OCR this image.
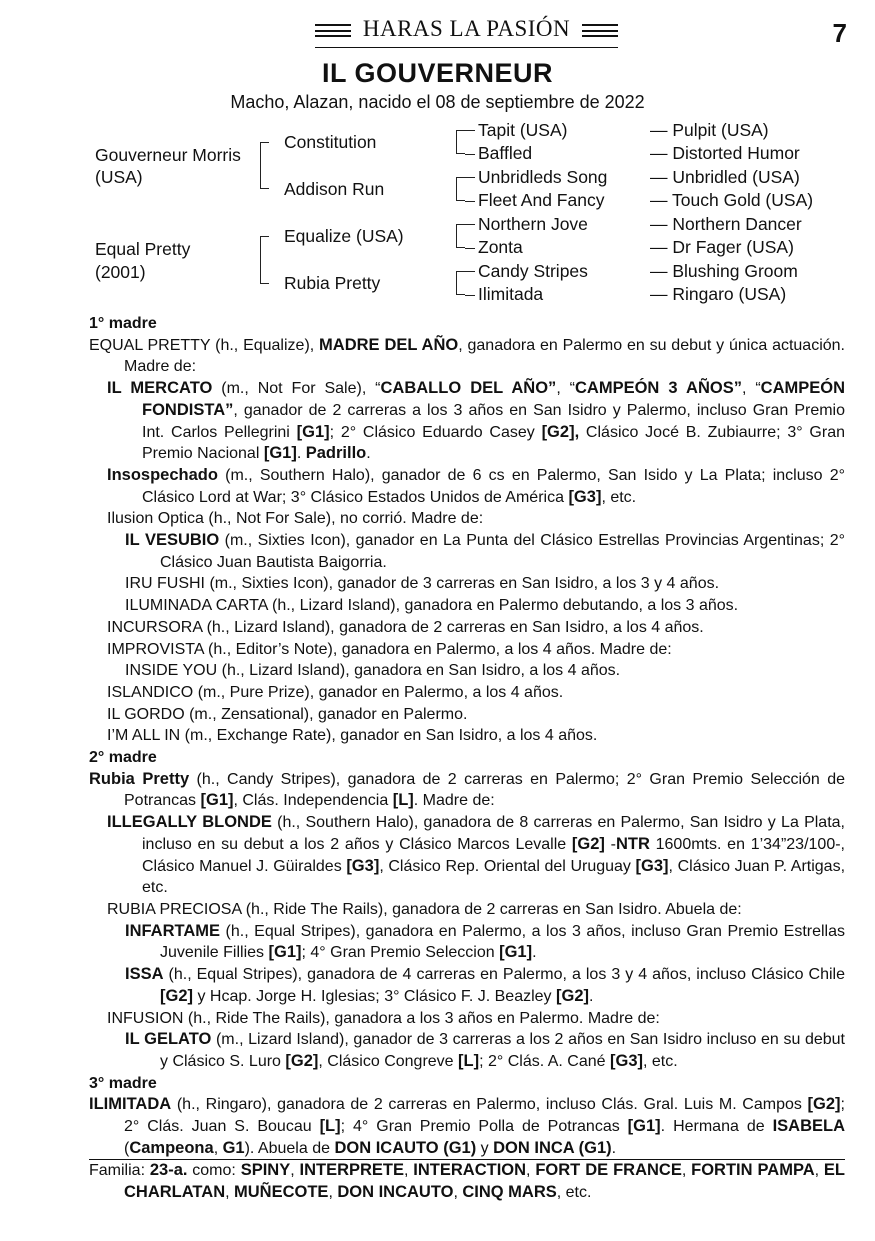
HARAS LA PASIÓN	7
IL GOUVERNEUR
Macho, Alazan, nacido el 08 de septiembre de 2022
Gouverneur Morris
(USA)
Equal Pretty
(2001)
Constitution
Addison Run
Equalize (USA)
Rubia Pretty
Tapit (USA)
Baffled
Unbridleds Song
Fleet And Fancy
Northern Jove
Zonta
Candy Stripes
Ilimitada
— Pulpit (USA)
— Distorted Humor
— Unbridled (USA)
— Touch Gold (USA)
— Northern Dancer
— Dr Fager (USA)
— Blushing Groom
— Ringaro (USA)

1° madre

EQUAL PRETTY (h., Equalize), MADRE DEL AÑO, ganadora en Palermo en su debut y única actuación. Madre de:

IL MERCATO (m., Not For Sale), “CABALLO DEL AÑO”, “CAMPEÓN 3 AÑOS”, “CAMPEÓN FONDISTA”, ganador de 2 carreras a los 3 años en San Isidro y Palermo, incluso Gran Premio Int. Carlos Pellegrini [G1]; 2° Clásico Eduardo Casey [G2], Clásico Jocé B. Zubiaurre; 3° Gran Premio Nacional [G1]. Padrillo.

Insospechado (m., Southern Halo), ganador de 6 cs en Palermo, San Isido y La Plata; incluso 2° Clásico Lord at War; 3° Clásico Estados Unidos de América [G3], etc.

Ilusion Optica (h., Not For Sale), no corrió. Madre de:

IL VESUBIO (m., Sixties Icon), ganador en La Punta del Clásico Estrellas Provincias Argentinas; 2° Clásico Juan Bautista Baigorria.

IRU FUSHI (m., Sixties Icon), ganador de 3 carreras en San Isidro, a los 3 y 4 años.

ILUMINADA CARTA (h., Lizard Island), ganadora en Palermo debutando, a los 3 años.

INCURSORA (h., Lizard Island), ganadora de 2 carreras en San Isidro, a los 4 años.

IMPROVISTA (h., Editor’s Note), ganadora en Palermo, a los 4 años. Madre de:

INSIDE YOU (h., Lizard Island), ganadora en San Isidro, a los 4 años.

ISLANDICO (m., Pure Prize), ganador en Palermo, a los 4 años.

IL GORDO (m., Zensational), ganador en Palermo.

I’M ALL IN (m., Exchange Rate), ganador en San Isidro, a los 4 años.

2° madre

Rubia Pretty (h., Candy Stripes), ganadora de 2 carreras en Palermo; 2° Gran Premio Selección de Potrancas [G1], Clás. Independencia [L]. Madre de:

ILLEGALLY BLONDE (h., Southern Halo), ganadora de 8 carreras en Palermo, San Isidro y La Plata, incluso en su debut a los 2 años y Clásico Marcos Levalle [G2] -NTR 1600mts. en 1’34”23/100-, Clásico Manuel J. Güiraldes [G3], Clásico Rep. Oriental del Uruguay [G3], Clásico Juan P. Artigas, etc.

RUBIA PRECIOSA (h., Ride The Rails), ganadora de 2 carreras en San Isidro. Abuela de:

INFARTAME (h., Equal Stripes), ganadora en Palermo, a los 3 años, incluso Gran Premio Estrellas Juvenile Fillies [G1]; 4° Gran Premio Seleccion [G1].

ISSA (h., Equal Stripes), ganadora de 4 carreras en Palermo, a los 3 y 4 años, incluso Clásico Chile [G2] y Hcap. Jorge H. Iglesias; 3° Clásico F. J. Beazley [G2].

INFUSION (h., Ride The Rails), ganadora a los 3 años en Palermo. Madre de:

IL GELATO (m., Lizard Island), ganador de 3 carreras a los 2 años en San Isidro incluso en su debut y Clásico S. Luro [G2], Clásico Congreve [L]; 2° Clás. A. Cané [G3], etc.

3° madre

ILIMITADA (h., Ringaro), ganadora de 2 carreras en Palermo, incluso Clás. Gral. Luis M. Campos [G2]; 2° Clás. Juan S. Boucau [L]; 4° Gran Premio Polla de Potrancas [G1]. Hermana de ISABELA (Campeona, G1). Abuela de DON ICAUTO (G1) y DON INCA (G1).

Familia: 23-a. como: SPINY, INTERPRETE, INTERACTION, FORT DE FRANCE, FORTIN PAMPA, EL CHARLATAN, MUÑECOTE, DON INCAUTO, CINQ MARS, etc.
